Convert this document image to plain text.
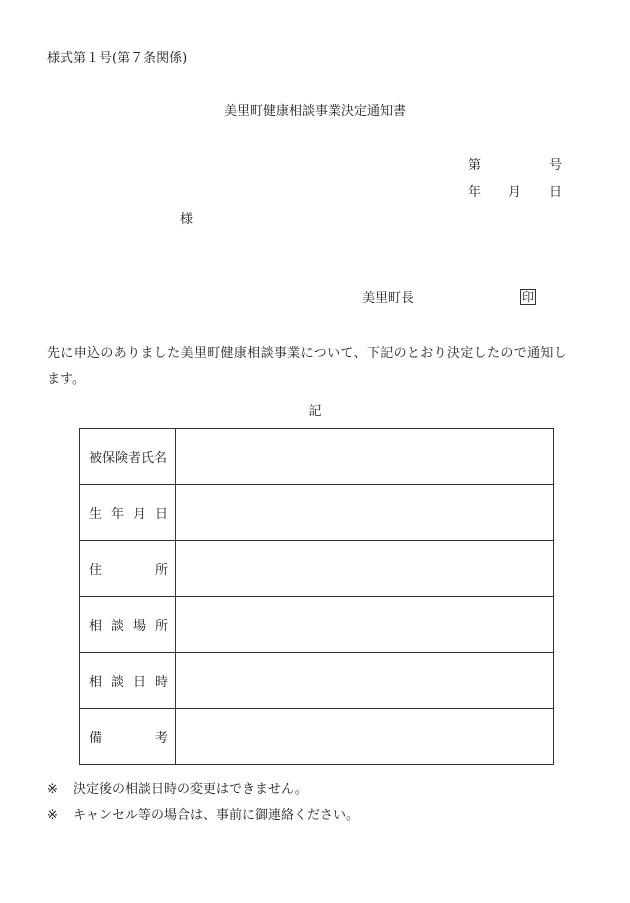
様式第１号(第７条関係)
美里町健康相談事業決定通知書
第	号
年 月 日
様
美里町長	印
先に申込のありました美里町健康相談事業について、下記のとおり決定したので通知し
ます。
記
被保険者氏名	

生 年 月 日	

住 所	

相 談 場 所	

相 談 日 時	

備 考	

※ 決定後の相談日時の変更はできません。
※ キャンセル等の場合は、事前に御連絡ください。
